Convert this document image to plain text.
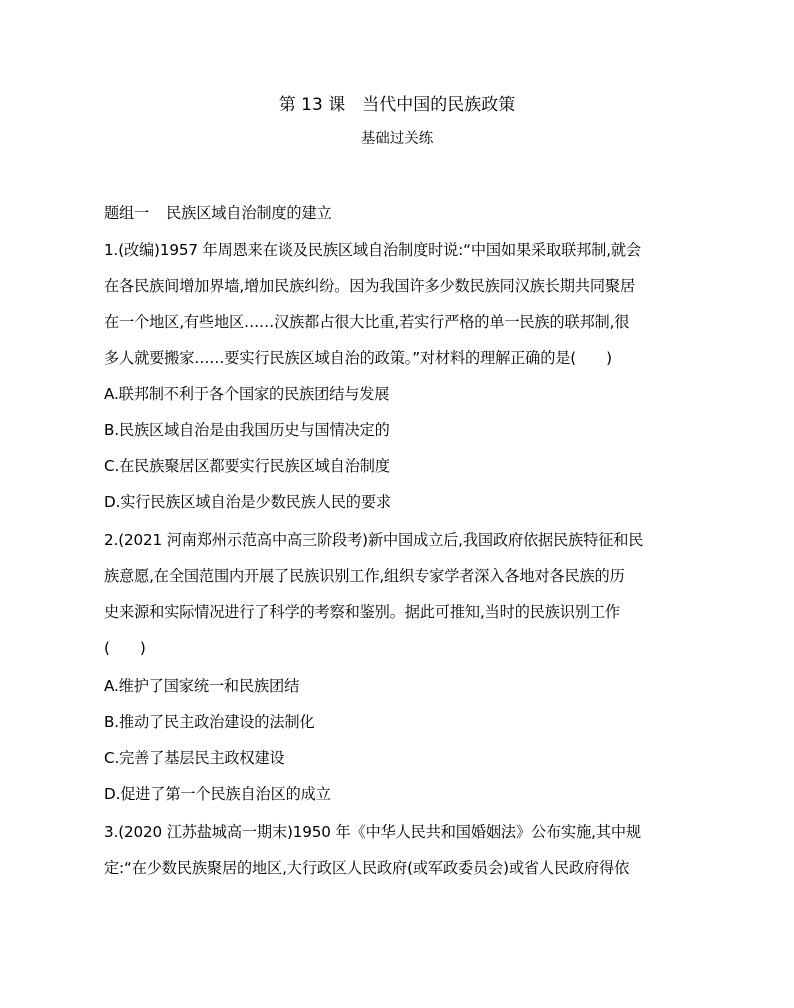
第 13 课 当代中国的民族政策
基础过关练
题组一 民族区域自治制度的建立
1.(改编)1957 年周恩来在谈及民族区域自治制度时说:“中国如果采取联邦制,就会
在各民族间增加界墙,增加民族纠纷。因为我国许多少数民族同汉族长期共同聚居
在一个地区,有些地区……汉族都占很大比重,若实行严格的单一民族的联邦制,很
多人就要搬家……要实行民族区域自治的政策。”对材料的理解正确的是(　　)
A.联邦制不利于各个国家的民族团结与发展
B.民族区域自治是由我国历史与国情决定的
C.在民族聚居区都要实行民族区域自治制度
D.实行民族区域自治是少数民族人民的要求
2.(2021 河南郑州示范高中高三阶段考)新中国成立后,我国政府依据民族特征和民
族意愿,在全国范围内开展了民族识别工作,组织专家学者深入各地对各民族的历
史来源和实际情况进行了科学的考察和鉴别。据此可推知,当时的民族识别工作
(　　)
A.维护了国家统一和民族团结
B.推动了民主政治建设的法制化
C.完善了基层民主政权建设
D.促进了第一个民族自治区的成立
3.(2020 江苏盐城高一期末)1950 年《中华人民共和国婚姻法》公布实施,其中规
定:“在少数民族聚居的地区,大行政区人民政府(或军政委员会)或省人民政府得依
